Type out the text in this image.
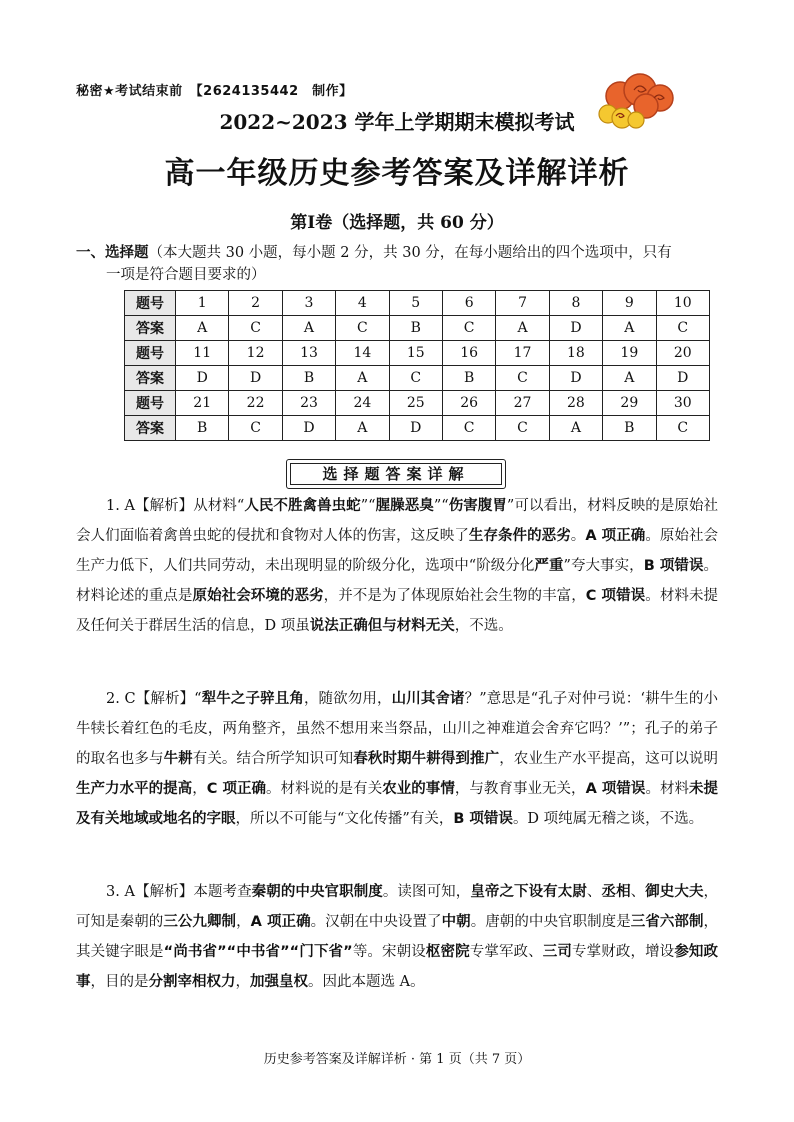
秘密★考试结束前　【2624135442　制作】
2022~2023 学年上学期期末模拟考试
高一年级历史参考答案及详解详析
第Ⅰ卷（选择题，共 60 分）
一、选择题（本大题共 30 小题，每小题 2 分，共 30 分，在每小题给出的四个选项中，只有
一项是符合题目要求的）
题号	1	2	3	4	5	6	7	8	9	10
答案	A	C	A	C	B	C	A	D	A	C
题号	11	12	13	14	15	16	17	18	19	20
答案	D	D	B	A	C	B	C	D	A	D
题号	21	22	23	24	25	26	27	28	29	30
答案	B	C	D	A	D	C	C	A	B	C
选择题答案详解
1. A【解析】从材料“人民不胜禽兽虫蛇”“腥臊恶臭”“伤害腹胃”可以看出，材料反映的是原始社会人们面临着禽兽虫蛇的侵扰和食物对人体的伤害，这反映了生存条件的恶劣。A 项正确。原始社会生产力低下，人们共同劳动，未出现明显的阶级分化，选项中“阶级分化严重”夸大事实，B 项错误。材料论述的重点是原始社会环境的恶劣，并不是为了体现原始社会生物的丰富，C 项错误。材料未提及任何关于群居生活的信息，D 项虽说法正确但与材料无关，不选。
2. C【解析】“犁牛之子骍且角，随欲勿用，山川其舍诸？”意思是“孔子对仲弓说：‘耕牛生的小牛犊长着红色的毛皮，两角整齐，虽然不想用来当祭品，山川之神难道会舍弃它吗？’”；孔子的弟子的取名也多与牛耕有关。结合所学知识可知春秋时期牛耕得到推广，农业生产水平提高，这可以说明生产力水平的提高，C 项正确。材料说的是有关农业的事情，与教育事业无关，A 项错误。材料未提及有关地域或地名的字眼，所以不可能与“文化传播”有关，B 项错误。D 项纯属无稽之谈，不选。
3. A【解析】本题考查秦朝的中央官职制度。读图可知，皇帝之下设有太尉、丞相、御史大夫，可知是秦朝的三公九卿制，A 项正确。汉朝在中央设置了中朝。唐朝的中央官职制度是三省六部制，其关键字眼是“尚书省”“中书省”“门下省”等。宋朝设枢密院专掌军政、三司专掌财政，增设参知政事，目的是分割宰相权力，加强皇权。因此本题选 A。
历史参考答案及详解详析 · 第 1 页（共 7 页）
